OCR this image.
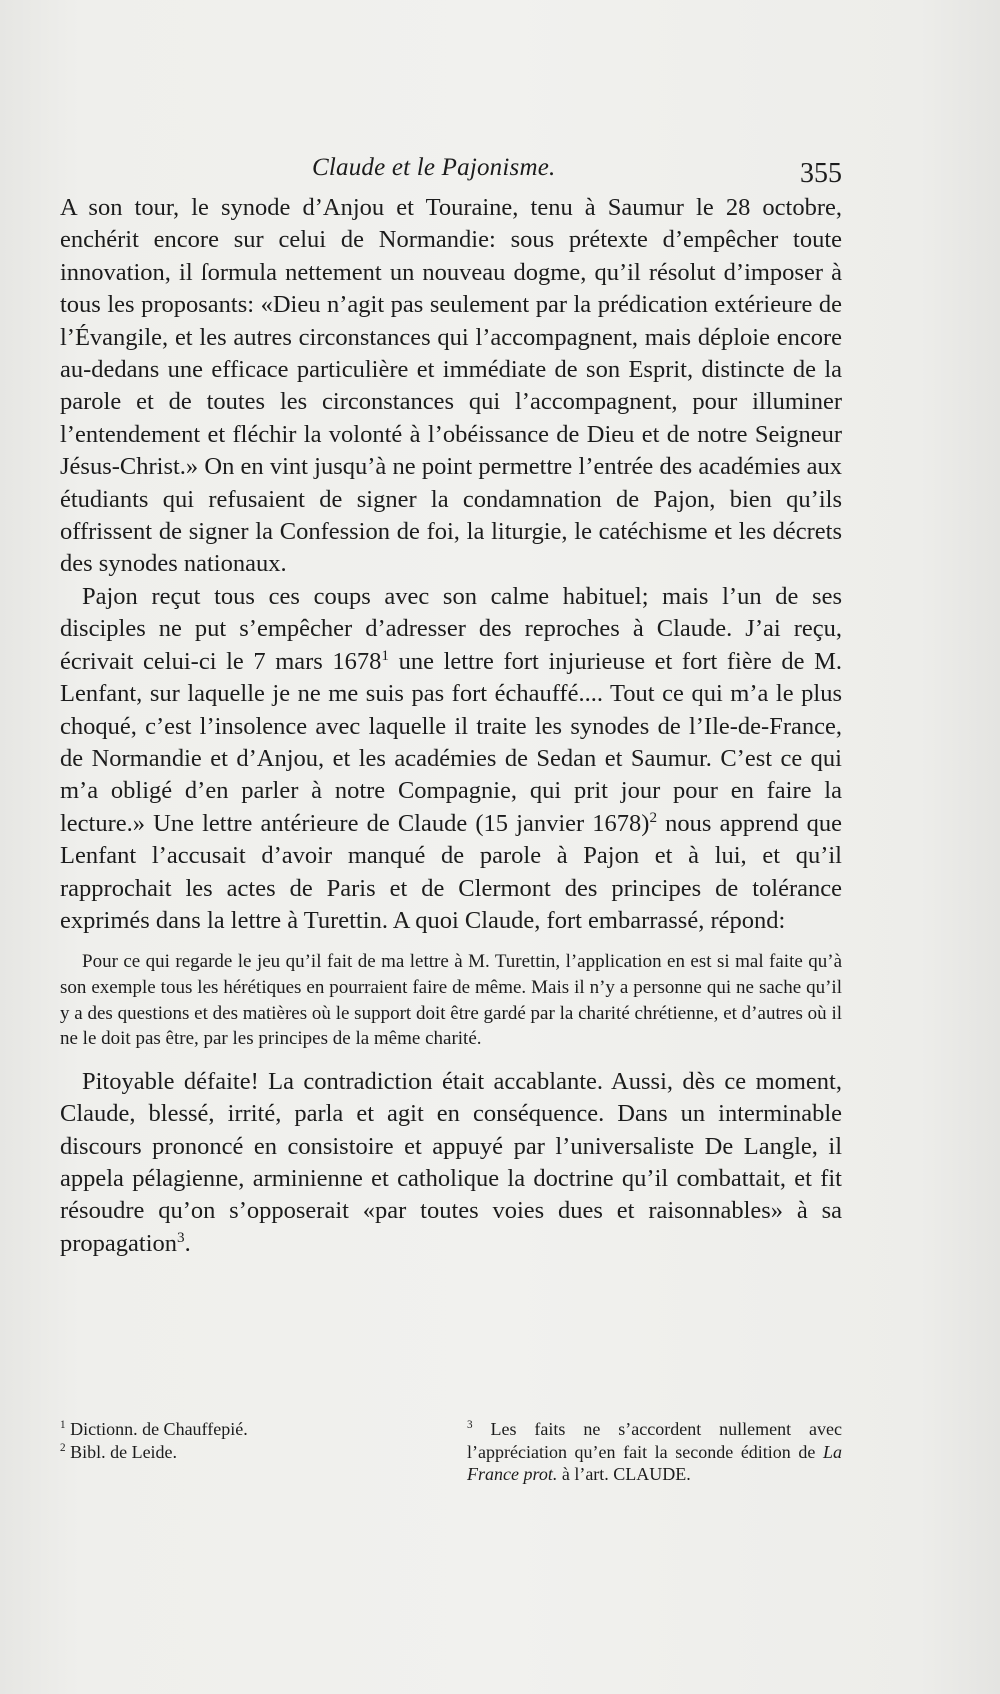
Claude et le Pajonisme.	355

A son tour, le synode d’Anjou et Touraine, tenu à Saumur le 28 octobre, enchérit encore sur celui de Normandie: sous prétexte d’empêcher toute innovation, il ſormula nettement un nouveau dogme, qu’il résolut d’imposer à tous les proposants: «Dieu n’agit pas seulement par la prédication extérieure de l’Évangile, et les autres circonstances qui l’accompagnent, mais déploie encore au-dedans une efficace particulière et immédiate de son Esprit, distincte de la parole et de toutes les circonstances qui l’accompagnent, pour illuminer l’entendement et fléchir la volonté à l’obéissance de Dieu et de notre Seigneur Jésus-Christ.» On en vint jusqu’à ne point permettre l’entrée des académies aux étudiants qui refusaient de signer la condamnation de Pajon, bien qu’ils offrissent de signer la Confession de foi, la liturgie, le catéchisme et les décrets des synodes nationaux.

Pajon reçut tous ces coups avec son calme habituel; mais l’un de ses disciples ne put s’empêcher d’adresser des reproches à Claude. J’ai reçu, écrivait celui-ci le 7 mars 1678$^1$ une lettre fort injurieuse et fort fière de M. Lenfant, sur laquelle je ne me suis pas fort échauffé.... Tout ce qui m’a le plus choqué, c’est l’insolence avec laquelle il traite les synodes de l’Ile-de-France, de Normandie et d’Anjou, et les académies de Sedan et Saumur. C’est ce qui m’a obligé d’en parler à notre Compagnie, qui prit jour pour en faire la lecture.» Une lettre antérieure de Claude (15 janvier 1678)$^2$ nous apprend que Lenfant l’accusait d’avoir manqué de parole à Pajon et à lui, et qu’il rapprochait les actes de Paris et de Clermont des principes de tolérance exprimés dans la lettre à Turettin. A quoi Claude, fort embarrassé, répond:

Pour ce qui regarde le jeu qu’il fait de ma lettre à M. Turettin, l’application en est si mal faite qu’à son exemple tous les hérétiques en pourraient faire de même. Mais il n’y a personne qui ne sache qu’il y a des questions et des matières où le support doit être gardé par la charité chrétienne, et d’autres où il ne le doit pas être, par les principes de la même charité.

Pitoyable défaite! La contradiction était accablante. Aussi, dès ce moment, Claude, blessé, irrité, parla et agit en conséquence. Dans un interminable discours prononcé en consistoire et appuyé par l’universaliste De Langle, il appela pélagienne, arminienne et catholique la doctrine qu’il combattait, et fit résoudre qu’on s’opposerait «par toutes voies dues et raisonnables» à sa propagation$^3$.

$^1$ Dictionn. de Chauffepié.

$^2$ Bibl. de Leide.

$^3$ Les faits ne s’accordent nullement avec l’appréciation qu’en fait la seconde édition de La France prot. à l’art. CLAUDE.
